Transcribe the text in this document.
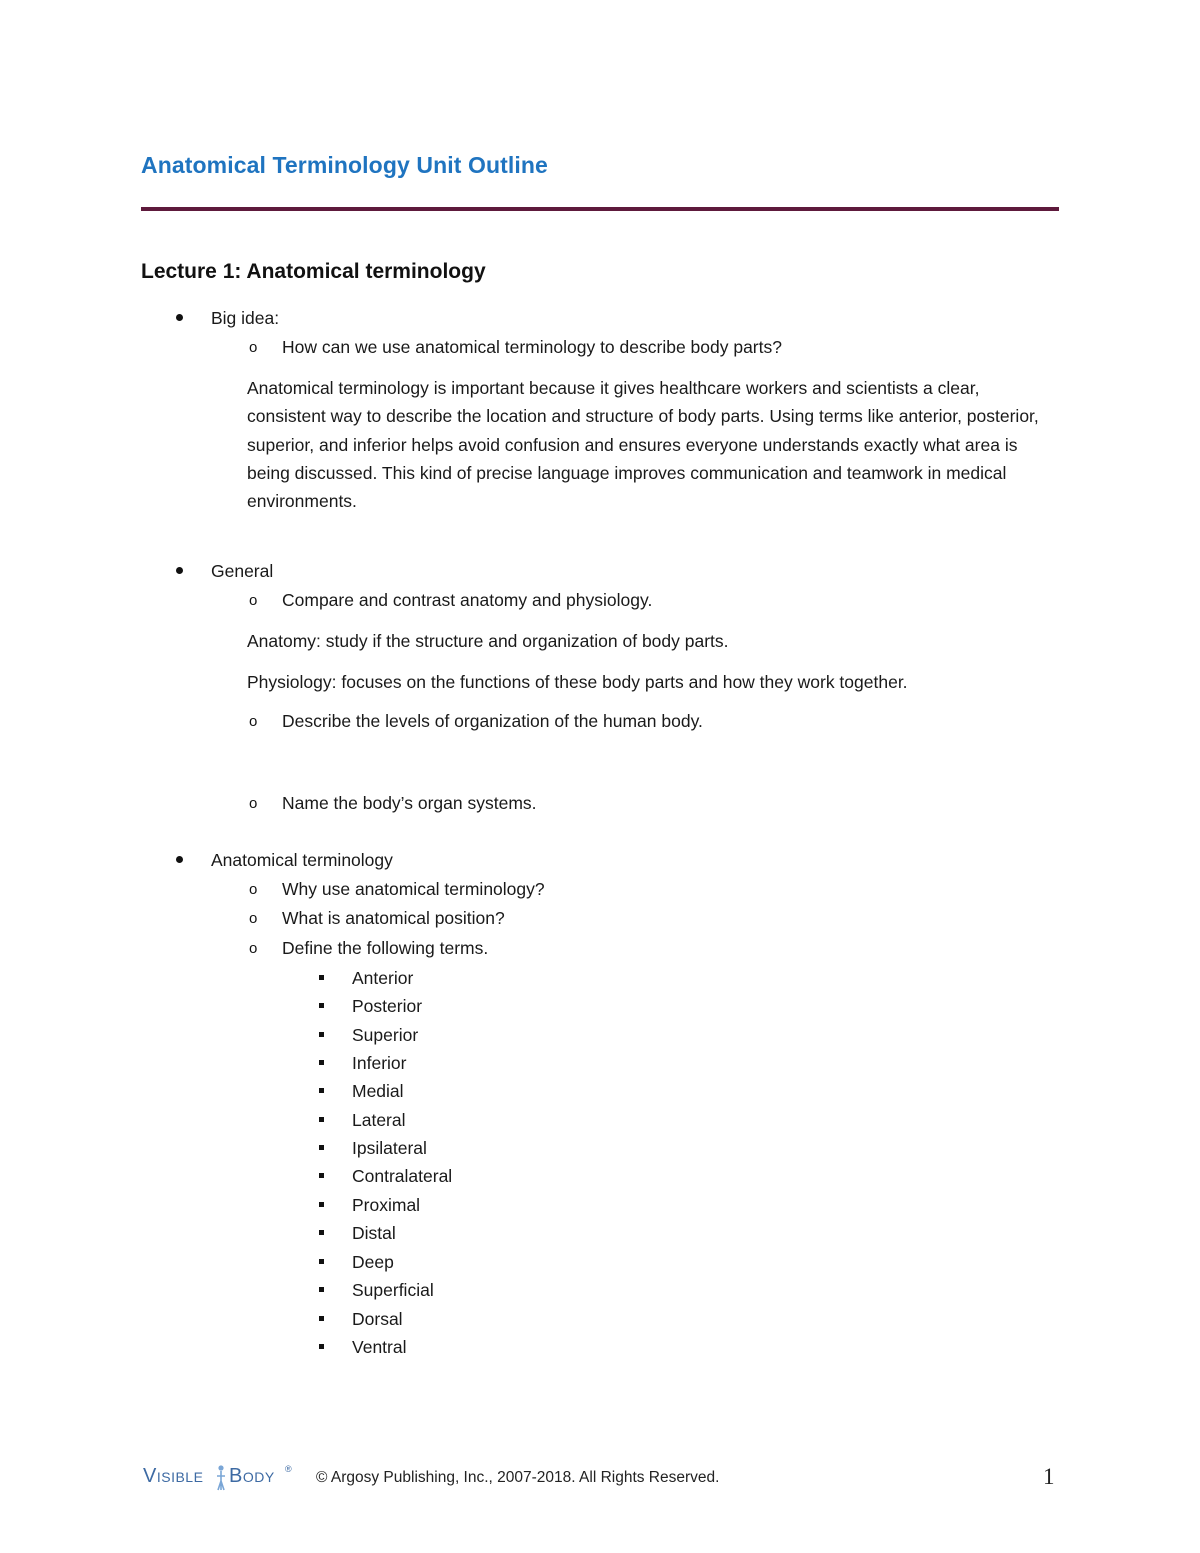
Anatomical Terminology Unit Outline
Lecture 1: Anatomical terminology

Big idea:

o How can we use anatomical terminology to describe body parts?

Anatomical terminology is important because it gives healthcare workers and scientists a clear, consistent way to describe the location and structure of body parts. Using terms like anterior, posterior, superior, and inferior helps avoid confusion and ensures everyone understands exactly what area is being discussed. This kind of precise language improves communication and teamwork in medical environments.

General

o Compare and contrast anatomy and physiology.

Anatomy: study if the structure and organization of body parts.

Physiology: focuses on the functions of these body parts and how they work together.

o Describe the levels of organization of the human body.

o Name the body’s organ systems.

Anatomical terminology

o Why use anatomical terminology?

o What is anatomical position?

o Define the following terms.

Anterior

Posterior

Superior

Inferior

Medial

Lateral

Ipsilateral

Contralateral

Proximal

Distal

Deep

Superficial

Dorsal

Ventral

Visible Body ® © Argosy Publishing, Inc., 2007-2018. All Rights Reserved.	1
